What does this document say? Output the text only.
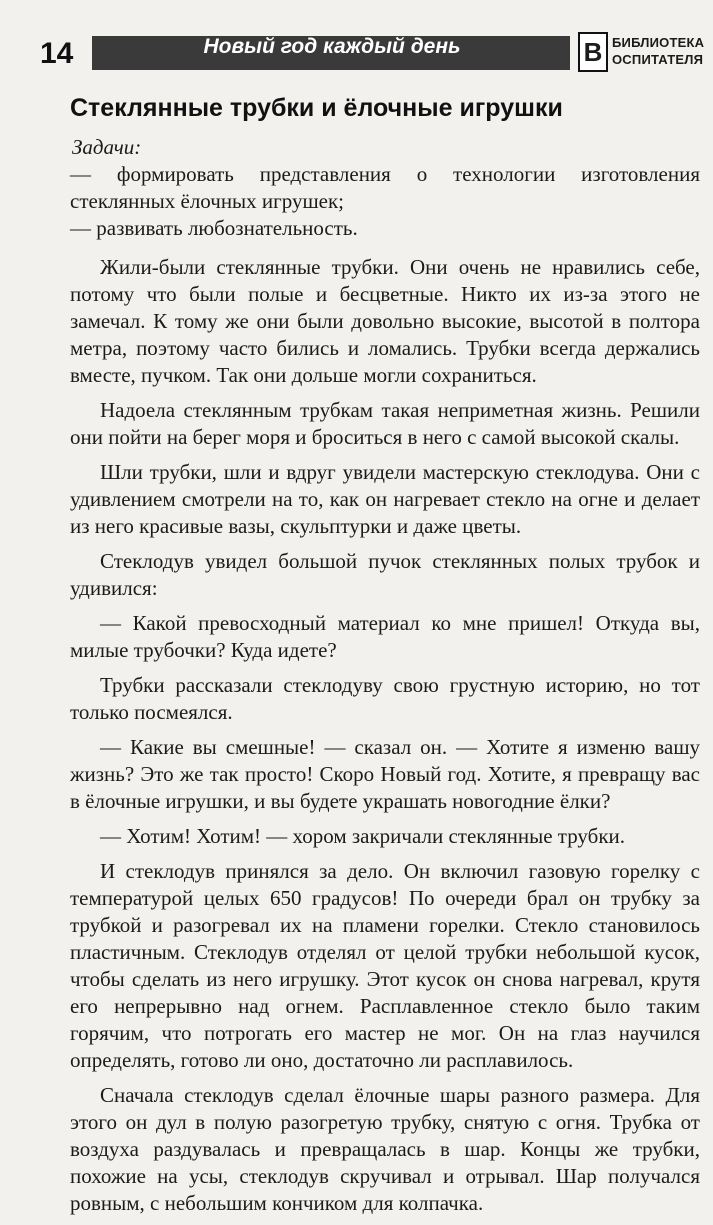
14	Новый год каждый день	В БИБЛИОТЕКА
ОСПИТАТЕЛЯ
Стеклянные трубки и ёлочные игрушки
Задачи:
— формировать представления о технологии изготовления стеклянных ёлочных игрушек;
— развивать любознательность.

Жили-были стеклянные трубки. Они очень не нравились себе, потому что были полые и бесцветные. Никто их из-за этого не замечал. К тому же они были довольно высокие, высотой в полтора метра, поэтому часто бились и ломались. Трубки всегда держались вместе, пучком. Так они дольше могли сохраниться.

Надоела стеклянным трубкам такая неприметная жизнь. Решили они пойти на берег моря и броситься в него с самой высокой скалы.

Шли трубки, шли и вдруг увидели мастерскую стеклодува. Они с удивлением смотрели на то, как он нагревает стекло на огне и делает из него красивые вазы, скульптурки и даже цветы.

Стеклодув увидел большой пучок стеклянных полых трубок и удивился:

— Какой превосходный материал ко мне пришел! Откуда вы, милые трубочки? Куда идете?

Трубки рассказали стеклодуву свою грустную историю, но тот только посмеялся.

— Какие вы смешные! — сказал он. — Хотите я изменю вашу жизнь? Это же так просто! Скоро Новый год. Хотите, я превращу вас в ёлочные игрушки, и вы будете украшать новогодние ёлки?

— Хотим! Хотим! — хором закричали стеклянные трубки.

И стеклодув принялся за дело. Он включил газовую горелку с температурой целых 650 градусов! По очереди брал он трубку за трубкой и разогревал их на пламени горелки. Стекло становилось пластичным. Стеклодув отделял от целой трубки небольшой кусок, чтобы сделать из него игрушку. Этот кусок он снова нагревал, крутя его непрерывно над огнем. Расплавленное стекло было таким горячим, что потрогать его мастер не мог. Он на глаз научился определять, готово ли оно, достаточно ли расплавилось.

Сначала стеклодув сделал ёлочные шары разного размера. Для этого он дул в полую разогретую трубку, снятую с огня. Трубка от воздуха раздувалась и превращалась в шар. Концы же трубки, похожие на усы, стеклодув скручивал и отрывал. Шар получался ровным, с небольшим кончиком для колпачка.
